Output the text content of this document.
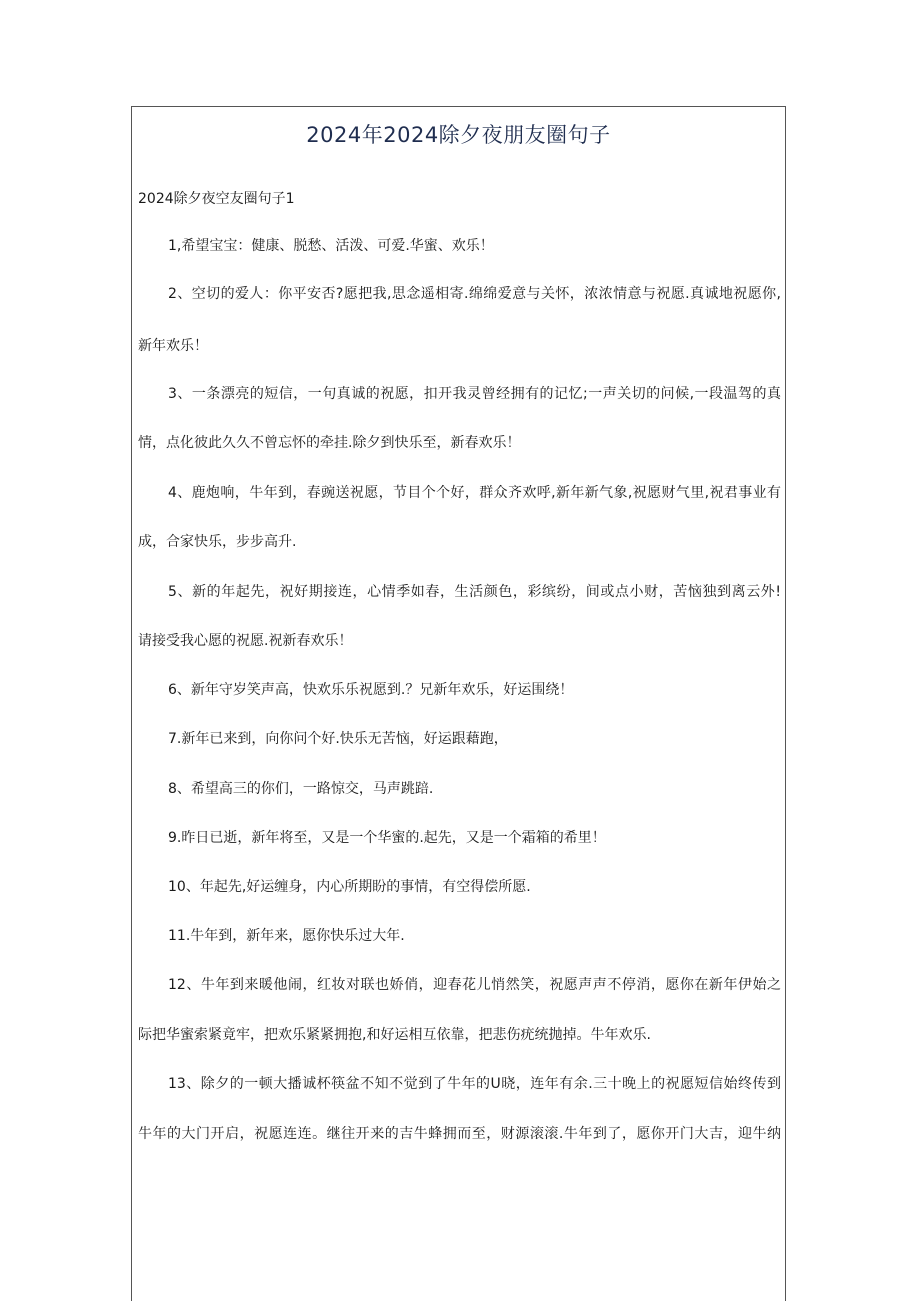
2024年2024除夕夜朋友圈句子
2024除夕夜空友圈句子1
1,希望宝宝：健康、脱愁、活泼、可爱.华蜜、欢乐！
2、空切的爱人：你平安否?愿把我,思念遥相寄.绵绵爱意与关怀，浓浓情意与祝愿.真诚地祝愿你,
新年欢乐！
3、一条漂亮的短信，一句真诚的祝愿，扣开我灵曾经拥有的记忆;一声关切的问候,一段温驾的真
情，点化彼此久久不曾忘怀的牵挂.除夕到快乐至，新春欢乐！
4、鹿炮响，牛年到，春豌送祝愿，节目个个好，群众齐欢呼,新年新气象,祝愿财气里,祝君事业有
成，合家快乐，步步高升.
5、新的年起先，祝好期接连，心情季如春，生活颜色，彩缤纷，间或点小财，苦恼独到离云外!
请接受我心愿的祝愿.祝新春欢乐！
6、新年守岁笑声高，快欢乐乐祝愿到.？兄新年欢乐，好运围绕！
7.新年已来到，向你问个好.快乐无苦恼，好运跟藉跑，
8、希望高三的你们，一路惊交，马声跳踣.
9.昨日已逝，新年将至，又是一个华蜜的.起先，又是一个霜箱的希里！
10、年起先,好运缠身，内心所期盼的事情，有空得偿所愿.
11.牛年到，新年来，愿你快乐过大年.
12、牛年到来暖他闹，红妆对联也娇俏，迎春花儿悄然笑，祝愿声声不停消，愿你在新年伊始之
际把华蜜索紧竟牢，把欢乐紧紧拥抱,和好运相互依靠，把悲伤疣统抛掉。牛年欢乐.
13、除夕的一顿大播诚杯筷盆不知不觉到了牛年的U晓，连年有余.三十晚上的祝愿短信始终传到
牛年的大门开启，祝愿连连。继往开来的吉牛蜂拥而至，财源滚滚.牛年到了，愿你开门大吉，迎牛纳
